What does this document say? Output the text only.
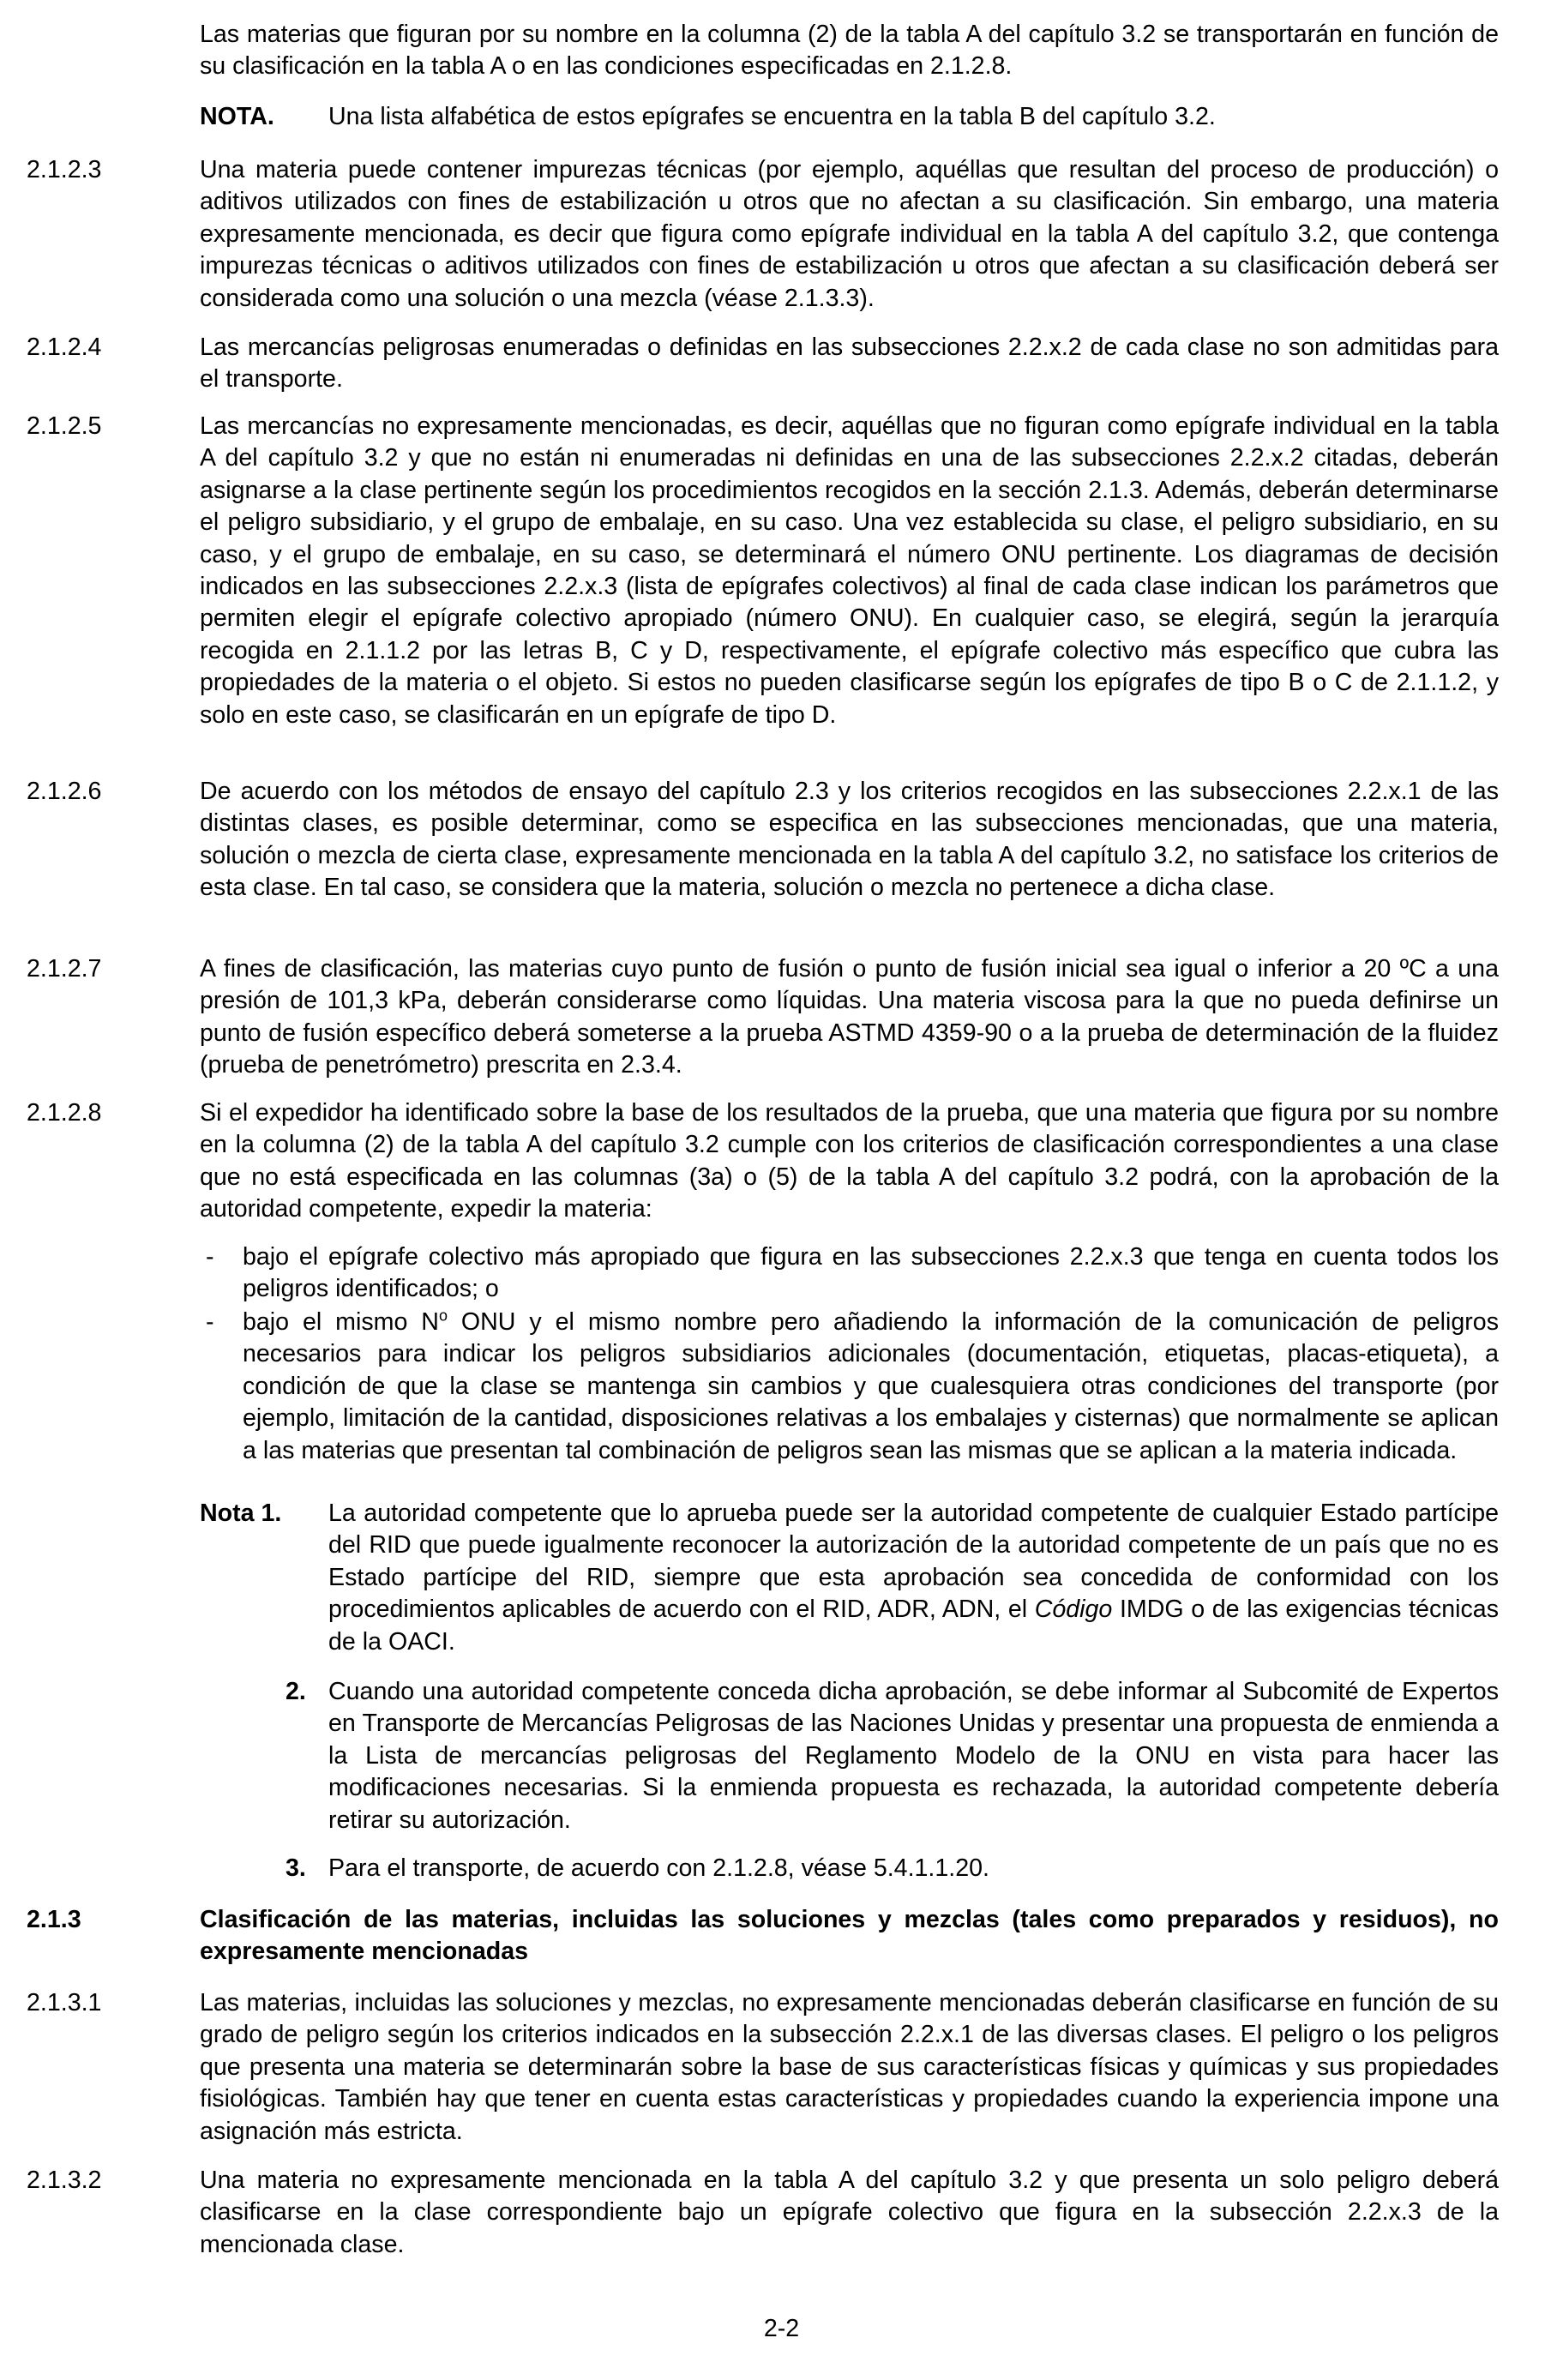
Las materias que figuran por su nombre en la columna (2) de la tabla A del capítulo 3.2 se transportarán en función de su clasificación en la tabla A o en las condiciones especificadas en 2.1.2.8.
NOTA. Una lista alfabética de estos epígrafes se encuentra en la tabla B del capítulo 3.2.
2.1.2.3	Una materia puede contener impurezas técnicas (por ejemplo, aquéllas que resultan del proceso de producción) o aditivos utilizados con fines de estabilización u otros que no afectan a su clasificación. Sin embargo, una materia expresamente mencionada, es decir que figura como epígrafe individual en la tabla A del capítulo 3.2, que contenga impurezas técnicas o aditivos utilizados con fines de estabilización u otros que afectan a su clasificación deberá ser considerada como una solución o una mezcla (véase 2.1.3.3).
2.1.2.4	Las mercancías peligrosas enumeradas o definidas en las subsecciones 2.2.x.2 de cada clase no son admitidas para el transporte.
2.1.2.5	Las mercancías no expresamente mencionadas, es decir, aquéllas que no figuran como epígrafe individual en la tabla A del capítulo 3.2 y que no están ni enumeradas ni definidas en una de las subsecciones 2.2.x.2 citadas, deberán asignarse a la clase pertinente según los procedimientos recogidos en la sección 2.1.3. Además, deberán determinarse el peligro subsidiario, y el grupo de embalaje, en su caso. Una vez establecida su clase, el peligro subsidiario, en su caso, y el grupo de embalaje, en su caso, se determinará el número ONU pertinente. Los diagramas de decisión indicados en las subsecciones 2.2.x.3 (lista de epígrafes colectivos) al final de cada clase indican los parámetros que permiten elegir el epígrafe colectivo apropiado (número ONU). En cualquier caso, se elegirá, según la jerarquía recogida en 2.1.1.2 por las letras B, C y D, respectivamente, el epígrafe colectivo más específico que cubra las propiedades de la materia o el objeto. Si estos no pueden clasificarse según los epígrafes de tipo B o C de 2.1.1.2, y solo en este caso, se clasificarán en un epígrafe de tipo D.
2.1.2.6	De acuerdo con los métodos de ensayo del capítulo 2.3 y los criterios recogidos en las subsecciones 2.2.x.1 de las distintas clases, es posible determinar, como se especifica en las subsecciones mencionadas, que una materia, solución o mezcla de cierta clase, expresamente mencionada en la tabla A del capítulo 3.2, no satisface los criterios de esta clase. En tal caso, se considera que la materia, solución o mezcla no pertenece a dicha clase.
2.1.2.7	A fines de clasificación, las materias cuyo punto de fusión o punto de fusión inicial sea igual o inferior a 20 ºC a una presión de 101,3 kPa, deberán considerarse como líquidas. Una materia viscosa para la que no pueda definirse un punto de fusión específico deberá someterse a la prueba ASTMD 4359-90 o a la prueba de determinación de la fluidez (prueba de penetrómetro) prescrita en 2.3.4.
2.1.2.8	Si el expedidor ha identificado sobre la base de los resultados de la prueba, que una materia que figura por su nombre en la columna (2) de la tabla A del capítulo 3.2 cumple con los criterios de clasificación correspondientes a una clase que no está especificada en las columnas (3a) o (5) de la tabla A del capítulo 3.2 podrá, con la aprobación de la autoridad competente, expedir la materia:
- bajo el epígrafe colectivo más apropiado que figura en las subsecciones 2.2.x.3 que tenga en cuenta todos los peligros identificados; o
- bajo el mismo $N^o$ ONU y el mismo nombre pero añadiendo la información de la comunicación de peligros necesarios para indicar los peligros subsidiarios adicionales (documentación, etiquetas, placas-etiqueta), a condición de que la clase se mantenga sin cambios y que cualesquiera otras condiciones del transporte (por ejemplo, limitación de la cantidad, disposiciones relativas a los embalajes y cisternas) que normalmente se aplican a las materias que presentan tal combinación de peligros sean las mismas que se aplican a la materia indicada.
Nota 1. La autoridad competente que lo aprueba puede ser la autoridad competente de cualquier Estado partícipe del RID que puede igualmente reconocer la autorización de la autoridad competente de un país que no es Estado partícipe del RID, siempre que esta aprobación sea concedida de conformidad con los procedimientos aplicables de acuerdo con el RID, ADR, ADN, el Código IMDG o de las exigencias técnicas de la OACI.
2. Cuando una autoridad competente conceda dicha aprobación, se debe informar al Subcomité de Expertos en Transporte de Mercancías Peligrosas de las Naciones Unidas y presentar una propuesta de enmienda a la Lista de mercancías peligrosas del Reglamento Modelo de la ONU en vista para hacer las modificaciones necesarias. Si la enmienda propuesta es rechazada, la autoridad competente debería retirar su autorización.
3. Para el transporte, de acuerdo con 2.1.2.8, véase 5.4.1.1.20.
2.1.3	Clasificación de las materias, incluidas las soluciones y mezclas (tales como preparados y residuos), no expresamente mencionadas
2.1.3.1	Las materias, incluidas las soluciones y mezclas, no expresamente mencionadas deberán clasificarse en función de su grado de peligro según los criterios indicados en la subsección 2.2.x.1 de las diversas clases. El peligro o los peligros que presenta una materia se determinarán sobre la base de sus características físicas y químicas y sus propiedades fisiológicas. También hay que tener en cuenta estas características y propiedades cuando la experiencia impone una asignación más estricta.
2.1.3.2	Una materia no expresamente mencionada en la tabla A del capítulo 3.2 y que presenta un solo peligro deberá clasificarse en la clase correspondiente bajo un epígrafe colectivo que figura en la subsección 2.2.x.3 de la mencionada clase.
2-2
